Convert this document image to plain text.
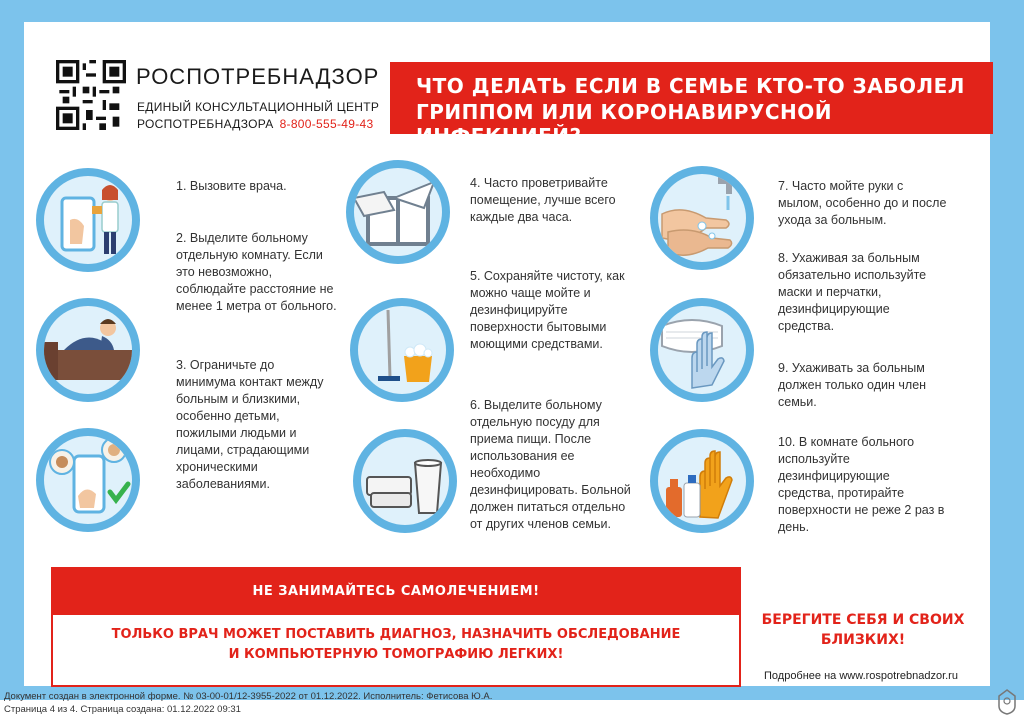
РОСПОТРЕБНАДЗОР
ЕДИНЫЙ КОНСУЛЬТАЦИОННЫЙ ЦЕНТР
РОСПОТРЕБНАДЗОРА 8-800-555-49-43
ЧТО ДЕЛАТЬ ЕСЛИ В СЕМЬЕ КТО-ТО ЗАБОЛЕЛ
ГРИППОМ ИЛИ КОРОНАВИРУСНОЙ ИНФЕКЦИЕЙ?
1. Вызовите врача.
2. Выделите больному
отдельную комнату. Если
это невозможно,
соблюдайте расстояние не
менее 1 метра от больного.
3. Ограничьте до
минимума контакт между
больным и близкими,
особенно детьми,
пожилыми людьми и
лицами, страдающими
хроническими
заболеваниями.
4. Часто проветривайте
помещение, лучше всего
каждые два часа.
5. Сохраняйте чистоту, как
можно чаще мойте и
дезинфицируйте
поверхности бытовыми
моющими средствами.
6. Выделите больному
отдельную посуду для
приема пищи. После
использования ее
необходимо
дезинфицировать. Больной
должен питаться отдельно
от других членов семьи.
7. Часто мойте руки с
мылом, особенно до и после
ухода за больным.
8. Ухаживая за больным
обязательно используйте
маски и перчатки,
дезинфицирующие
средства.
9. Ухаживать за больным
должен только один член
семьи.
10. В комнате больного
используйте
дезинфицирующие
средства, протирайте
поверхности не реже 2 раз в
день.
НЕ ЗАНИМАЙТЕСЬ САМОЛЕЧЕНИЕМ!
ТОЛЬКО ВРАЧ МОЖЕТ ПОСТАВИТЬ ДИАГНОЗ, НАЗНАЧИТЬ ОБСЛЕДОВАНИЕ
И КОМПЬЮТЕРНУЮ ТОМОГРАФИЮ ЛЕГКИХ!
БЕРЕГИТЕ СЕБЯ И СВОИХ
БЛИЗКИХ!
Подробнее на www.rospotrebnadzor.ru
Документ создан в электронной форме. № 03-00-01/12-3955-2022 от 01.12.2022. Исполнитель: Фетисова Ю.А.
Страница 4 из 4. Страница создана: 01.12.2022 09:31
